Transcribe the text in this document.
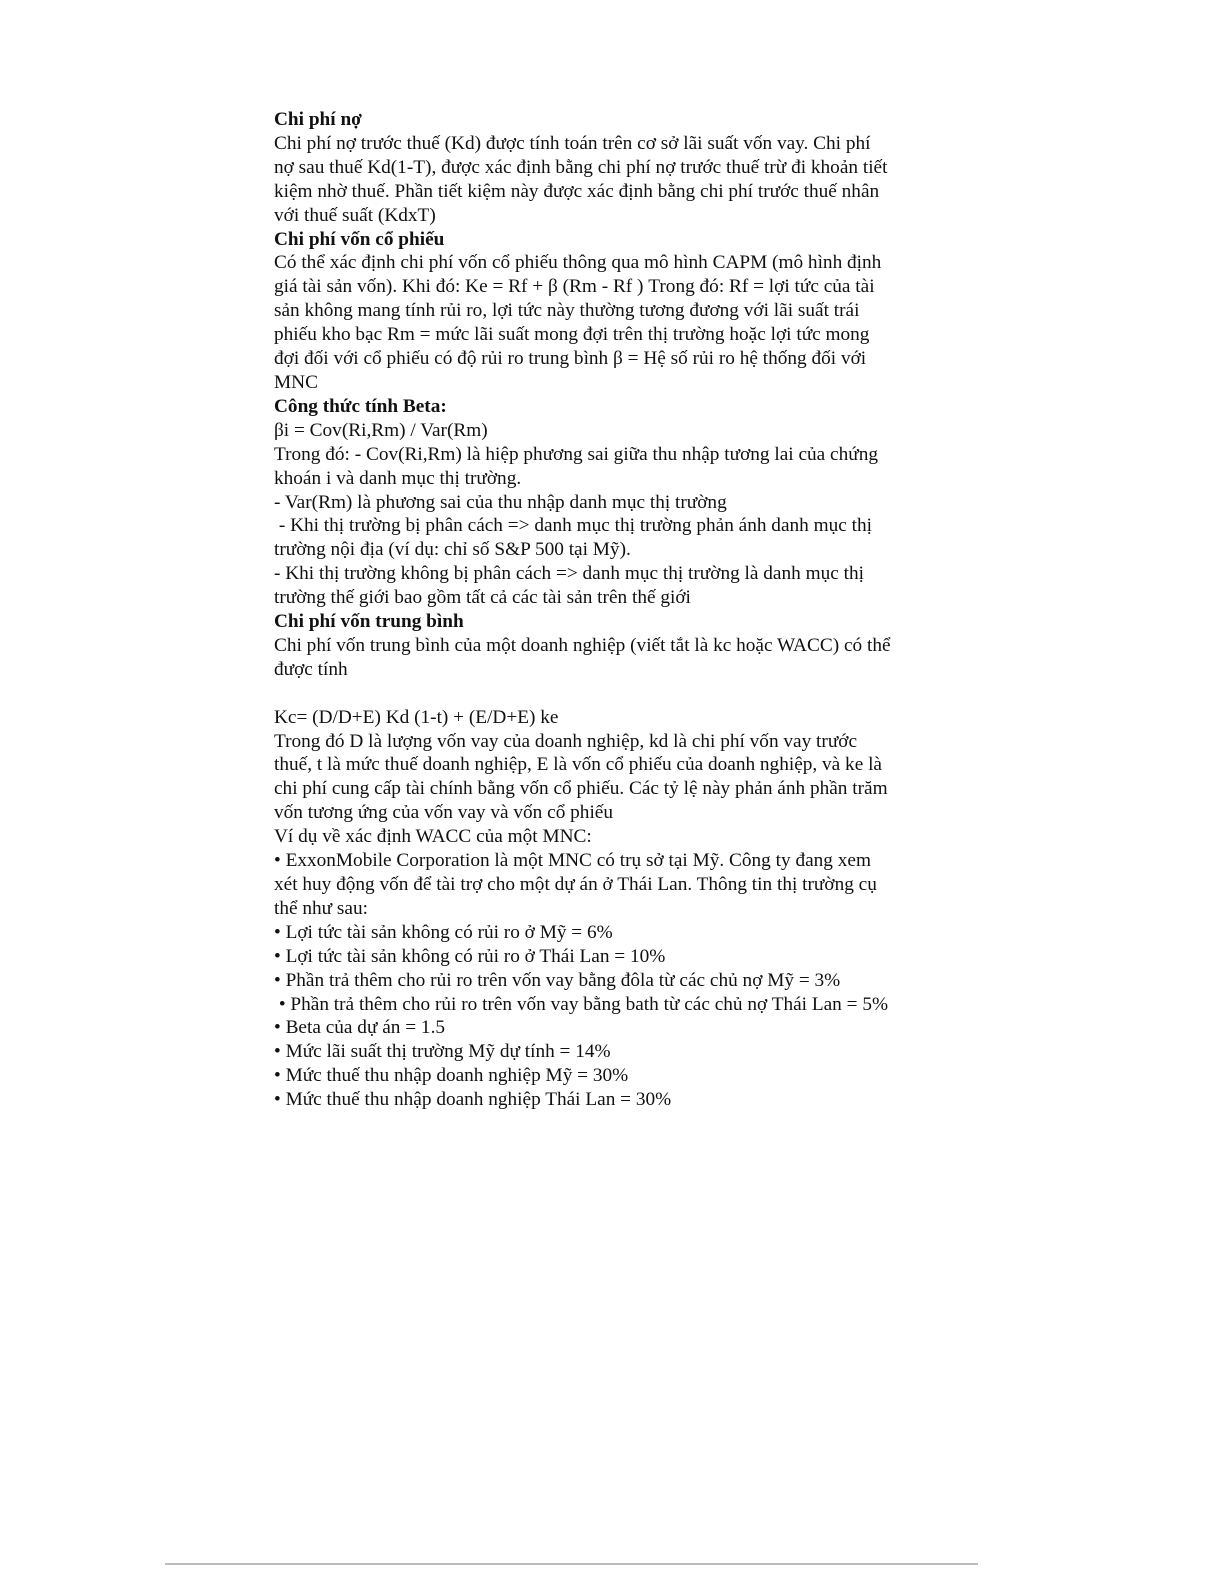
Chi phí nợ

Chi phí nợ trước thuế (Kd) được tính toán trên cơ sở lãi suất vốn vay. Chi phí

nợ sau thuế Kd(1-T), được xác định bằng chi phí nợ trước thuế trừ đi khoản tiết

kiệm nhờ thuế. Phần tiết kiệm này được xác định bằng chi phí trước thuế nhân

với thuế suất (KdxT)

Chi phí vốn cổ phiếu

Có thể xác định chi phí vốn cổ phiếu thông qua mô hình CAPM (mô hình định

giá tài sản vốn). Khi đó: Ke = Rf + β (Rm - Rf ) Trong đó: Rf = lợi tức của tài

sản không mang tính rủi ro, lợi tức này thường tương đương với lãi suất trái

phiếu kho bạc Rm = mức lãi suất mong đợi trên thị trường hoặc lợi tức mong

đợi đối với cổ phiếu có độ rủi ro trung bình β = Hệ số rủi ro hệ thống đối với

MNC

Công thức tính Beta:

βi = Cov(Ri,Rm) / Var(Rm)

Trong đó: - Cov(Ri,Rm) là hiệp phương sai giữa thu nhập tương lai của chứng

khoán i và danh mục thị trường.

- Var(Rm) là phương sai của thu nhập danh mục thị trường

- Khi thị trường bị phân cách => danh mục thị trường phản ánh danh mục thị

trường nội địa (ví dụ: chỉ số S&P 500 tại Mỹ).

- Khi thị trường không bị phân cách => danh mục thị trường là danh mục thị

trường thế giới bao gồm tất cả các tài sản trên thế giới

Chi phí vốn trung bình

Chi phí vốn trung bình của một doanh nghiệp (viết tắt là kc hoặc WACC) có thể

được tính

Kc= (D/D+E) Kd (1-t) + (E/D+E) ke

Trong đó D là lượng vốn vay của doanh nghiệp, kd là chi phí vốn vay trước

thuế, t là mức thuế doanh nghiệp, E là vốn cổ phiếu của doanh nghiệp, và ke là

chi phí cung cấp tài chính bằng vốn cổ phiếu. Các tỷ lệ này phản ánh phần trăm

vốn tương ứng của vốn vay và vốn cổ phiếu

Ví dụ về xác định WACC của một MNC:

• ExxonMobile Corporation là một MNC có trụ sở tại Mỹ. Công ty đang xem

xét huy động vốn để tài trợ cho một dự án ở Thái Lan. Thông tin thị trường cụ

thể như sau:

• Lợi tức tài sản không có rủi ro ở Mỹ = 6%

• Lợi tức tài sản không có rủi ro ở Thái Lan = 10%

• Phần trả thêm cho rủi ro trên vốn vay bằng đôla từ các chủ nợ Mỹ = 3%

• Phần trả thêm cho rủi ro trên vốn vay bằng bath từ các chủ nợ Thái Lan = 5%

• Beta của dự án = 1.5

• Mức lãi suất thị trường Mỹ dự tính = 14%

• Mức thuế thu nhập doanh nghiệp Mỹ = 30%

• Mức thuế thu nhập doanh nghiệp Thái Lan = 30%
